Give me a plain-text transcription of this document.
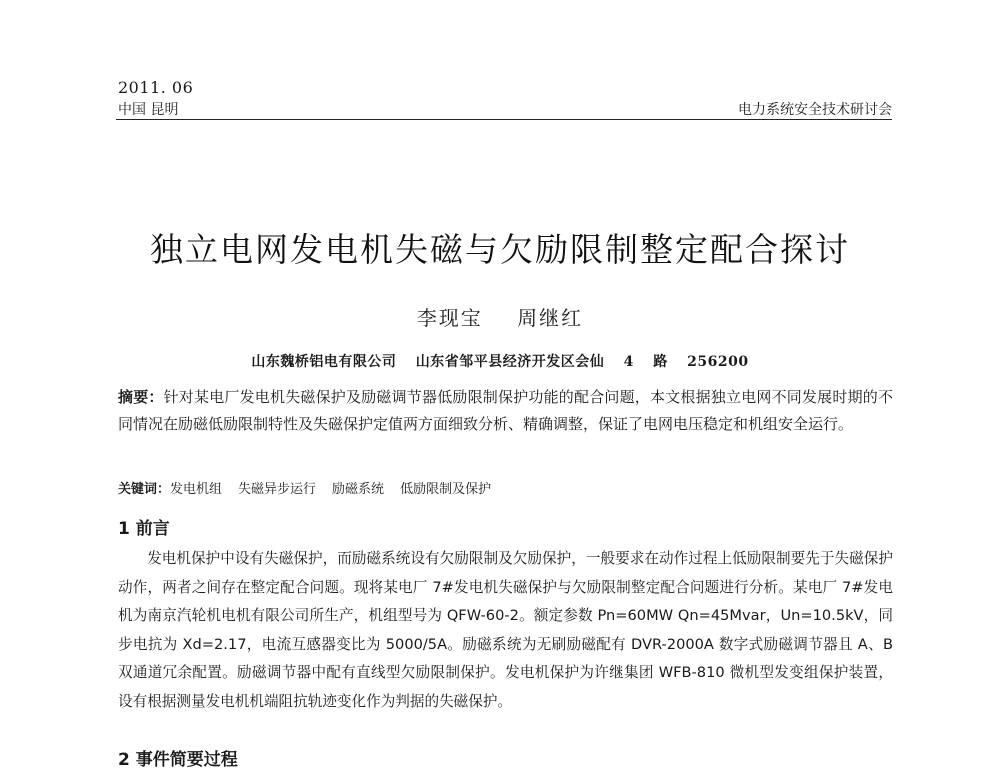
2011. 06
中国 昆明	电力系统安全技术研讨会
独立电网发电机失磁与欠励限制整定配合探讨
李现宝 周继红
山东魏桥铝电有限公司 山东省邹平县经济开发区会仙 4 路 256200
摘要：针对某电厂发电机失磁保护及励磁调节器低励限制保护功能的配合问题，本文根据独立电网不同发展时期的不同情况在励磁低励限制特性及失磁保护定值两方面细致分析、精确调整，保证了电网电压稳定和机组安全运行。
关键词：发电机组 失磁异步运行 励磁系统 低励限制及保护
1 前言
发电机保护中设有失磁保护，而励磁系统设有欠励限制及欠励保护，一般要求在动作过程上低励限制要先于失磁保护动作，两者之间存在整定配合问题。现将某电厂 7#发电机失磁保护与欠励限制整定配合问题进行分析。某电厂 7#发电机为南京汽轮机电机有限公司所生产，机组型号为 QFW-60-2。额定参数 Pn=60MW Qn=45Mvar，Un=10.5kV，同步电抗为 Xd=2.17，电流互感器变比为 5000/5A。励磁系统为无刷励磁配有 DVR-2000A 数字式励磁调节器且 A、B 双通道冗余配置。励磁调节器中配有直线型欠励限制保护。发电机保护为许继集团 WFB-810 微机型发变组保护装置，设有根据测量发电机机端阻抗轨迹变化作为判据的失磁保护。
2 事件简要过程
